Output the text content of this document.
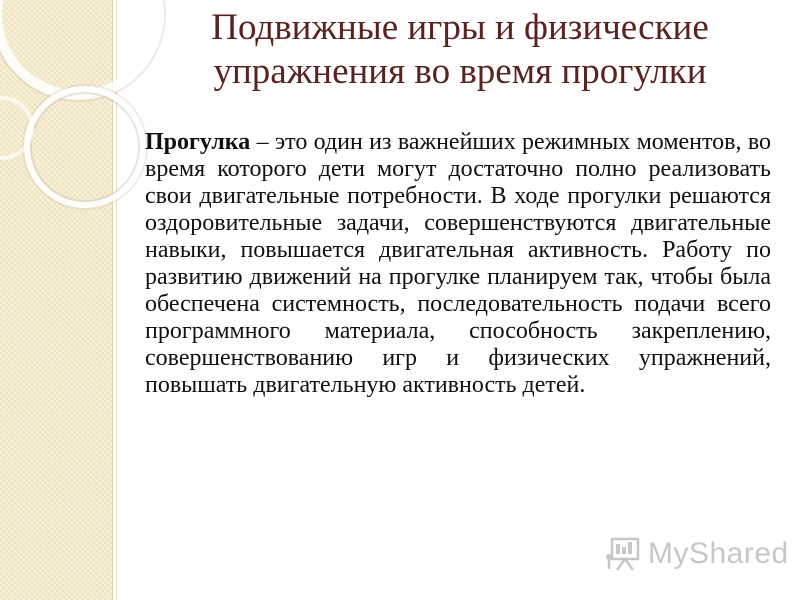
Подвижные игры и физические
упражнения во время прогулки

Прогулка – это один из важнейших режимных моментов, во время которого дети могут достаточно полно реализовать свои двигательные потребности. В ходе прогулки решаются оздоровительные задачи, совершенствуются двигательные навыки, повышается двигательная активность. Работу по развитию движений на прогулке планируем так, чтобы была обеспечена системность, последовательность подачи всего программного материала, способность закреплению, совершенствованию игр и физических упражнений, повышать двигательную активность детей.

MyShared
